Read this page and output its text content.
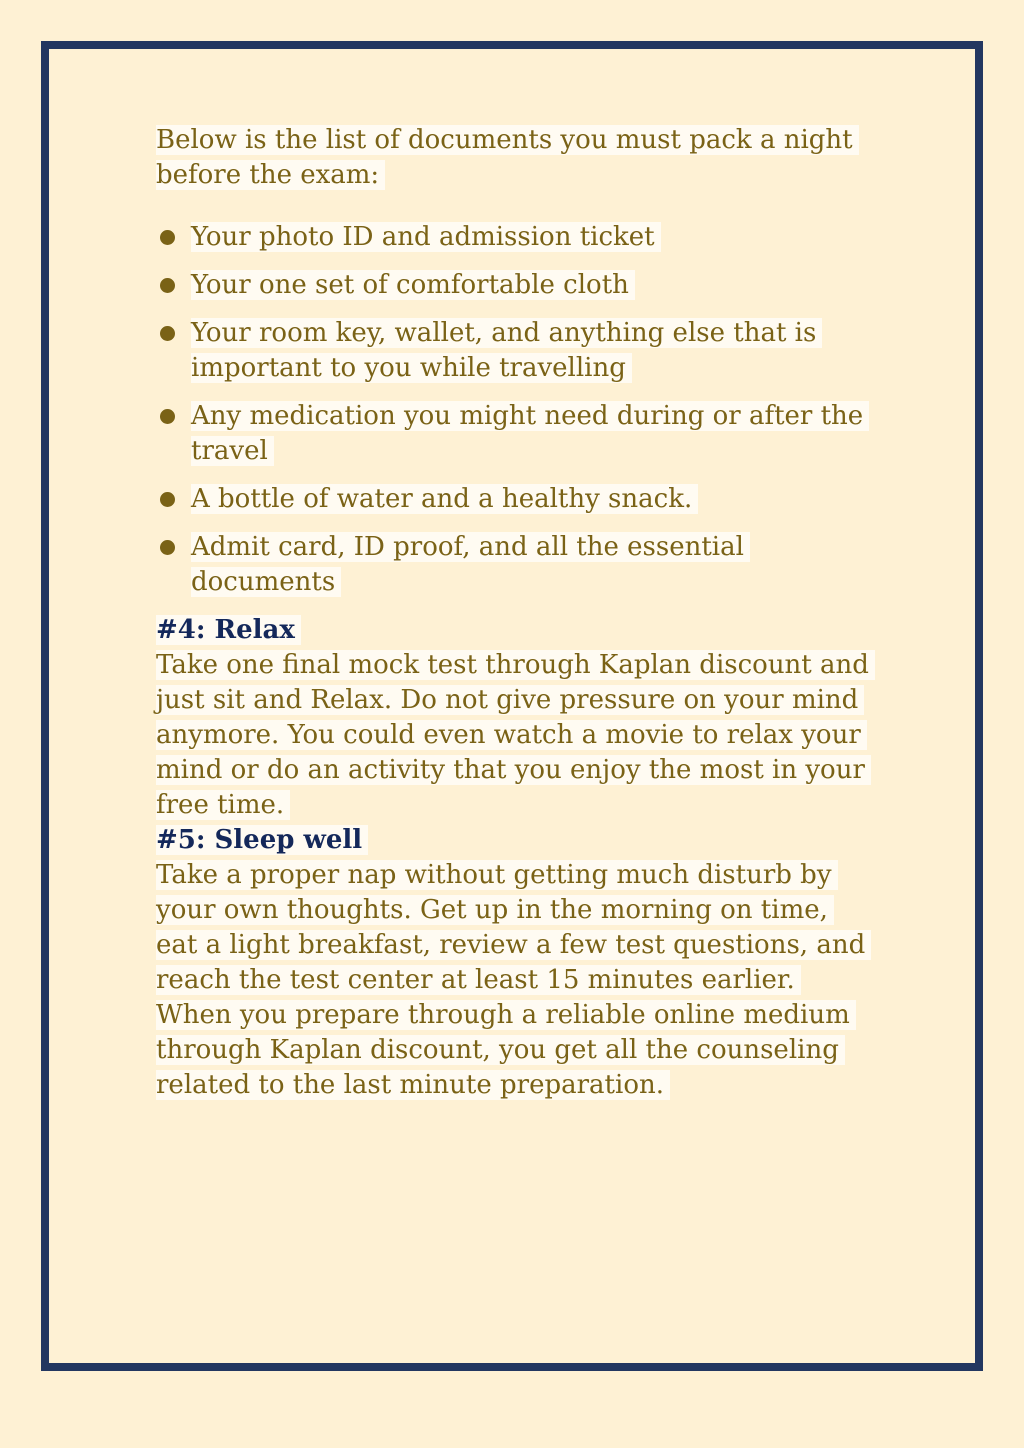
Below is the list of documents you must pack a night before the exam:

Your photo ID and admission ticket
Your one set of comfortable cloth
Your room key, wallet, and anything else that is important to you while travelling
Any medication you might need during or after the travel
A bottle of water and a healthy snack.
Admit card, ID proof, and all the essential documents
#4: Relax

Take one final mock test through Kaplan discount and just sit and Relax. Do not give pressure on your mind anymore. You could even watch a movie to relax your mind or do an activity that you enjoy the most in your free time.

#5: Sleep well

Take a proper nap without getting much disturb by your own thoughts. Get up in the morning on time, eat a light breakfast, review a few test questions, and reach the test center at least 15 minutes earlier.

When you prepare through a reliable online medium through Kaplan discount, you get all the counseling related to the last minute preparation.
